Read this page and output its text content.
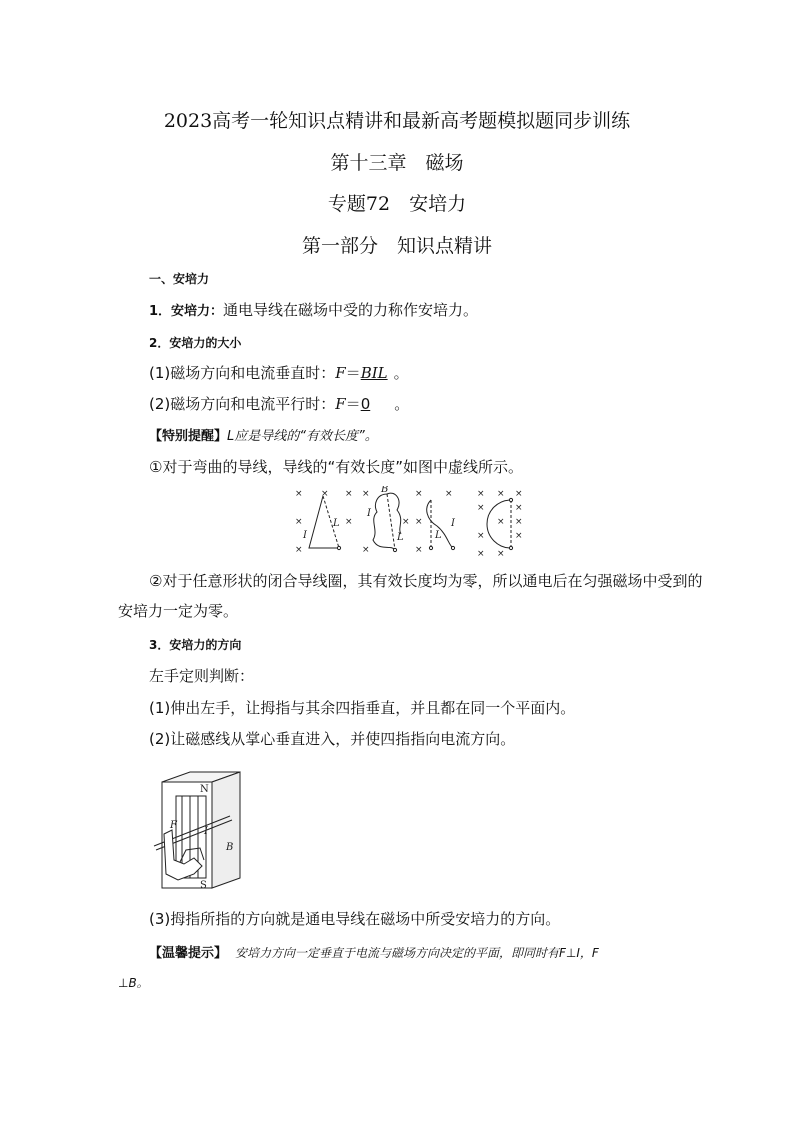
2023高考一轮知识点精讲和最新高考题模拟题同步训练
第十三章　磁场
专题72　安培力
第一部分　知识点精讲
一、安培力
1．安培力：通电导线在磁场中受的力称作安培力。
2．安培力的大小
(1)磁场方向和电流垂直时：F＝BIL 。
(2)磁场方向和电流平行时：F＝0 。
【特别提醒】L应是导线的“有效长度”。
①对于弯曲的导线，导线的“有效长度”如图中虚线所示。
× × ×
×	×
×
×
×
×
× ×
×
×
× × ×
×	×
× ×
×	×
× ×
I
L
B
I
L	L
I
②对于任意形状的闭合导线圈，其有效长度均为零，所以通电后在匀强磁场中受到的
安培力一定为零。
3．安培力的方向
左手定则判断：
(1)伸出左手，让拇指与其余四指垂直，并且都在同一个平面内。
(2)让磁感线从掌心垂直进入，并使四指指向电流方向。
N
S
B
I
F
(3)拇指所指的方向就是通电导线在磁场中所受安培力的方向。
【温馨提示】 安培力方向一定垂直于电流与磁场方向决定的平面，即同时有F⊥I，F
⊥B。
